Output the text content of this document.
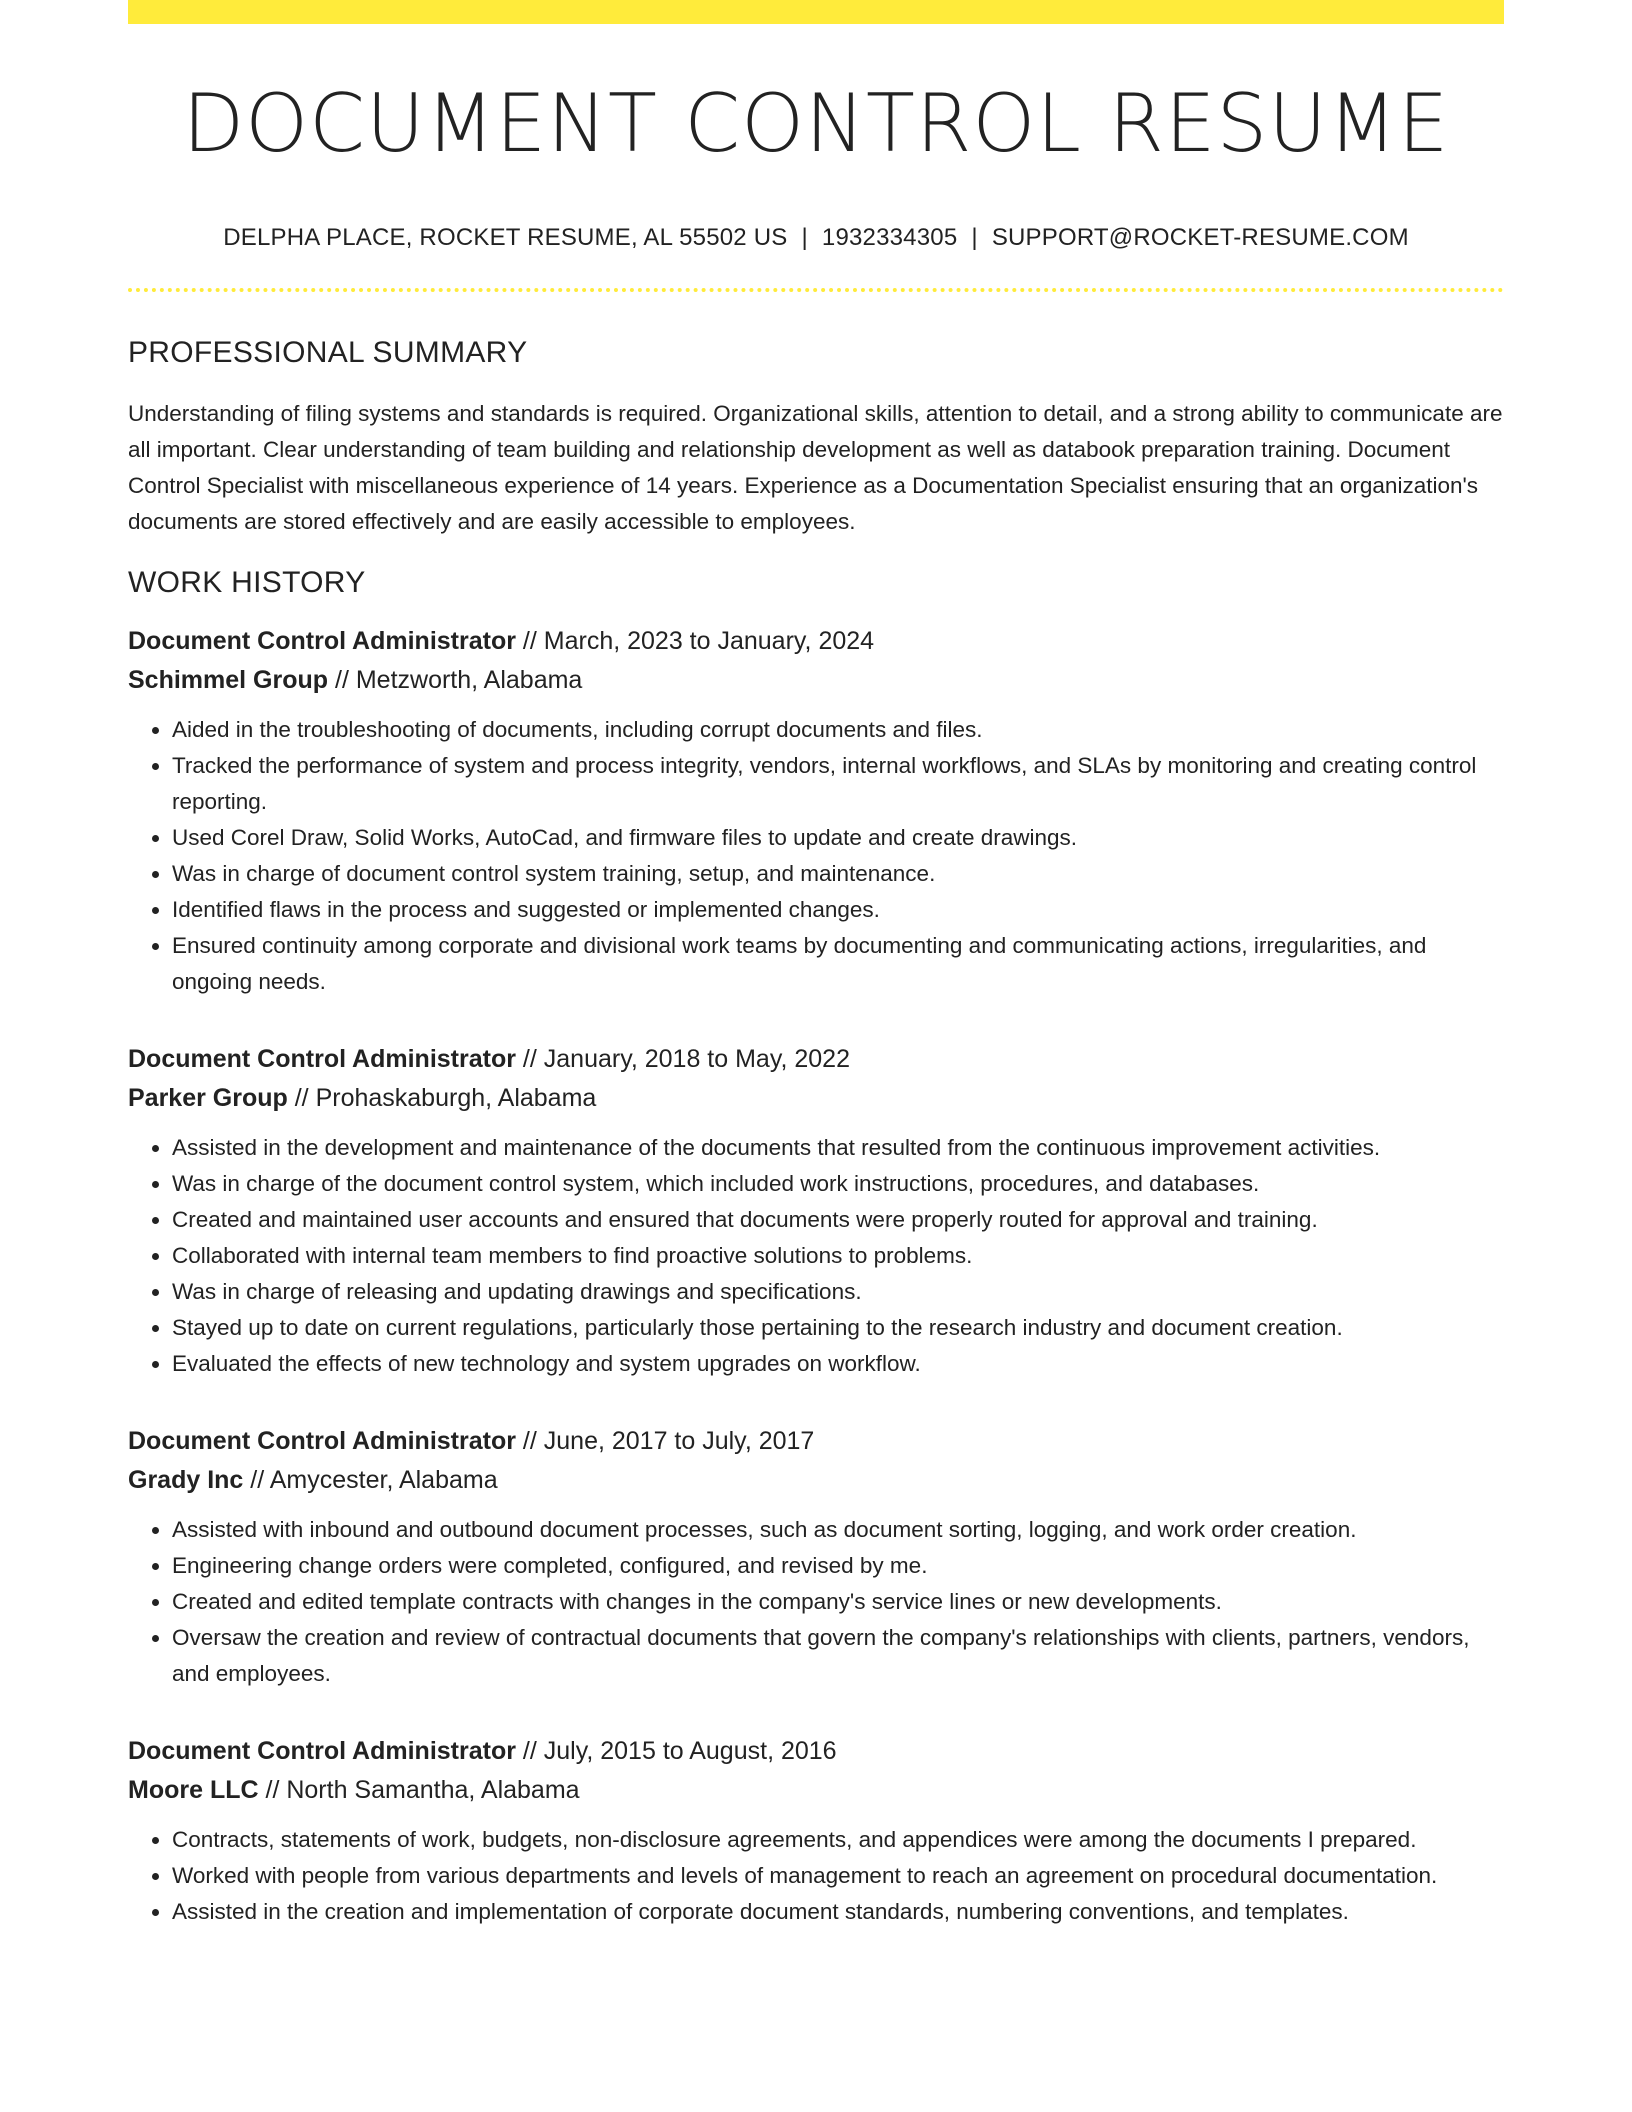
DOCUMENT CONTROL RESUME
DELPHA PLACE, ROCKET RESUME, AL 55502 US | 1932334305 | SUPPORT@ROCKET-RESUME.COM
PROFESSIONAL SUMMARY

Understanding of filing systems and standards is required. Organizational skills, attention to detail, and a strong ability to communicate are all important. Clear understanding of team building and relationship development as well as databook preparation training. Document Control Specialist with miscellaneous experience of 14 years. Experience as a Documentation Specialist ensuring that an organization's documents are stored effectively and are easily accessible to employees.

WORK HISTORY
Document Control Administrator // March, 2023 to January, 2024
Schimmel Group // Metzworth, Alabama
• Aided in the troubleshooting of documents, including corrupt documents and files.
• Tracked the performance of system and process integrity, vendors, internal workflows, and SLAs by monitoring and creating control reporting.
• Used Corel Draw, Solid Works, AutoCad, and firmware files to update and create drawings.
• Was in charge of document control system training, setup, and maintenance.
• Identified flaws in the process and suggested or implemented changes.
• Ensured continuity among corporate and divisional work teams by documenting and communicating actions, irregularities, and ongoing needs.
Document Control Administrator // January, 2018 to May, 2022
Parker Group // Prohaskaburgh, Alabama
• Assisted in the development and maintenance of the documents that resulted from the continuous improvement activities.
• Was in charge of the document control system, which included work instructions, procedures, and databases.
• Created and maintained user accounts and ensured that documents were properly routed for approval and training.
• Collaborated with internal team members to find proactive solutions to problems.
• Was in charge of releasing and updating drawings and specifications.
• Stayed up to date on current regulations, particularly those pertaining to the research industry and document creation.
• Evaluated the effects of new technology and system upgrades on workflow.
Document Control Administrator // June, 2017 to July, 2017
Grady Inc // Amycester, Alabama
• Assisted with inbound and outbound document processes, such as document sorting, logging, and work order creation.
• Engineering change orders were completed, configured, and revised by me.
• Created and edited template contracts with changes in the company's service lines or new developments.
• Oversaw the creation and review of contractual documents that govern the company's relationships with clients, partners, vendors, and employees.
Document Control Administrator // July, 2015 to August, 2016
Moore LLC // North Samantha, Alabama
• Contracts, statements of work, budgets, non-disclosure agreements, and appendices were among the documents I prepared.
• Worked with people from various departments and levels of management to reach an agreement on procedural documentation.
• Assisted in the creation and implementation of corporate document standards, numbering conventions, and templates.
